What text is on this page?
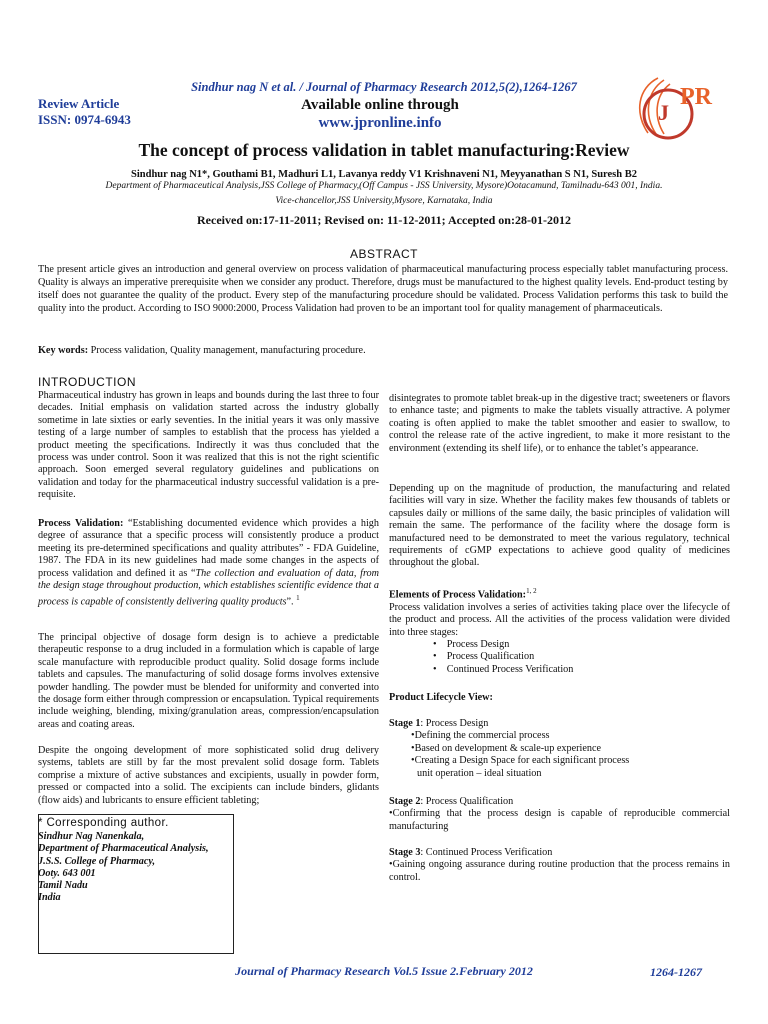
Sindhur nag N et al. / Journal of Pharmacy Research 2012,5(2),1264-1267
Review Article
ISSN: 0974-6943
Available online through
www.jpronline.info	J
PR
The concept of process validation in tablet manufacturing:Review
Sindhur nag N1*, Gouthami B1, Madhuri L1, Lavanya reddy V1 Krishnaveni N1, Meyyanathan S N1, Suresh B2
Department of Pharmaceutical Analysis,JSS College of Pharmacy,(Off Campus - JSS University, Mysore)Ootacamund, Tamilnadu-643 001, India.
Vice-chancellor,JSS University,Mysore, Karnataka, India
Received on:17-11-2011; Revised on: 11-12-2011; Accepted on:28-01-2012
ABSTRACT
The present article gives an introduction and general overview on process validation of pharmaceutical manufacturing process especially tablet manufacturing process. Quality is always an imperative prerequisite when we consider any product. Therefore, drugs must be manufactured to the highest quality levels. End-product testing by itself does not guarantee the quality of the product. Every step of the manufacturing procedure should be validated. Process Validation performs this task to build the quality into the product. According to ISO 9000:2000, Process Validation had proven to be an important tool for quality management of pharmaceuticals.
Key words: Process validation, Quality management, manufacturing procedure.
INTRODUCTION
Pharmaceutical industry has grown in leaps and bounds during the last three to four decades. Initial emphasis on validation started across the industry globally sometime in late sixties or early seventies. In the initial years it was only massive testing of a large number of samples to establish that the process has yielded a product meeting the specifications. Indirectly it was thus concluded that the process was under control. Soon it was realized that this is not the right scientific approach. Soon emerged several regulatory guidelines and publications on validation and today for the pharmaceutical industry successful validation is a pre-requisite.
Process Validation: “Establishing documented evidence which provides a high degree of assurance that a specific process will consistently produce a product meeting its pre-determined specifications and quality attributes” - FDA Guideline, 1987. The FDA in its new guidelines had made some changes in the aspects of process validation and defined it as “The collection and evaluation of data, from the design stage throughout production, which establishes scientific evidence that a process is capable of consistently delivering quality products”. $^1$
The principal objective of dosage form design is to achieve a predictable therapeutic response to a drug included in a formulation which is capable of large scale manufacture with reproducible product quality. Solid dosage forms include tablets and capsules. The manufacturing of solid dosage forms involves extensive powder handling. The powder must be blended for uniformity and converted into the dosage form either through compression or encapsulation. Typical requirements include weighing, blending, mixing/granulation areas, compression/encapsulation areas and coating areas.
Despite the ongoing development of more sophisticated solid drug delivery systems, tablets are still by far the most prevalent solid dosage form. Tablets comprise a mixture of active substances and excipients, usually in powder form, pressed or compacted into a solid. The excipients can include binders, glidants (flow aids) and lubricants to ensure efficient tableting;
* Corresponding author.
Sindhur Nag Nanenkala,
Department of Pharmaceutical Analysis,
J.S.S. College of Pharmacy,
Ooty. 643 001
Tamil Nadu
India
disintegrates to promote tablet break-up in the digestive tract; sweeteners or flavors to enhance taste; and pigments to make the tablets visually attractive. A polymer coating is often applied to make the tablet smoother and easier to swallow, to control the release rate of the active ingredient, to make it more resistant to the environment (extending its shelf life), or to enhance the tablet’s appearance.
Depending up on the magnitude of production, the manufacturing and related facilities will vary in size. Whether the facility makes few thousands of tablets or capsules daily or millions of the same daily, the basic principles of validation will remain the same. The performance of the facility where the dosage form is manufactured need to be demonstrated to meet the various regulatory, technical requirements of cGMP expectations to achieve good quality of medicines throughout the global.
Elements of Process Validation:$^{1, 2}$
Process validation involves a series of activities taking place over the lifecycle of the product and process. All the activities of the process validation were divided into three stages:
• Process Design
• Process Qualification
• Continued Process Verification
Product Lifecycle View:
Stage 1: Process Design
•Defining the commercial process
•Based on development & scale-up experience
•Creating a Design Space for each significant process
unit operation – ideal situation
Stage 2: Process Qualification
•Confirming that the process design is capable of reproducible commercial manufacturing
Stage 3: Continued Process Verification
•Gaining ongoing assurance during routine production that the process remains in control.
Journal of Pharmacy Research Vol.5 Issue 2.February 2012	1264-1267
